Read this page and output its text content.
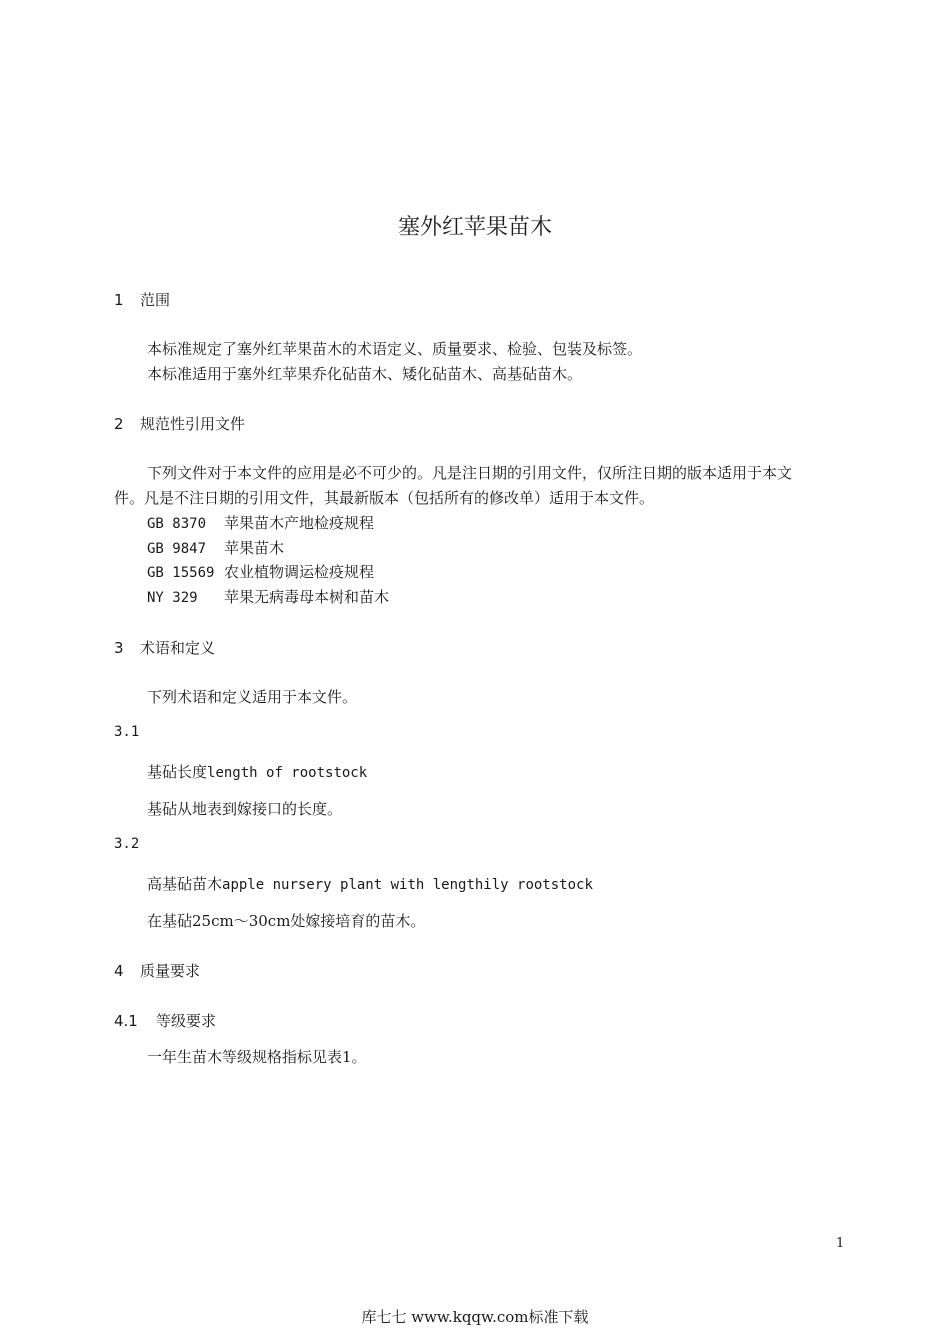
塞外红苹果苗木
1 范围
本标准规定了塞外红苹果苗木的术语定义、质量要求、检验、包装及标签。
本标准适用于塞外红苹果乔化砧苗木、矮化砧苗木、高基砧苗木。
2 规范性引用文件
下列文件对于本文件的应用是必不可少的。凡是注日期的引用文件，仅所注日期的版本适用于本文
件。凡是不注日期的引用文件，其最新版本（包括所有的修改单）适用于本文件。
GB 8370 苹果苗木产地检疫规程
GB 9847 苹果苗木
GB 15569 农业植物调运检疫规程
NY 329 苹果无病毒母本树和苗木
3 术语和定义
下列术语和定义适用于本文件。
3.1
基砧长度length of rootstock
基砧从地表到嫁接口的长度。
3.2
高基砧苗木apple nursery plant with lengthily rootstock
在基砧25cm～30cm处嫁接培育的苗木。
4 质量要求
4.1 等级要求
一年生苗木等级规格指标见表1。
1
库七七 www.kqqw.com标准下载
